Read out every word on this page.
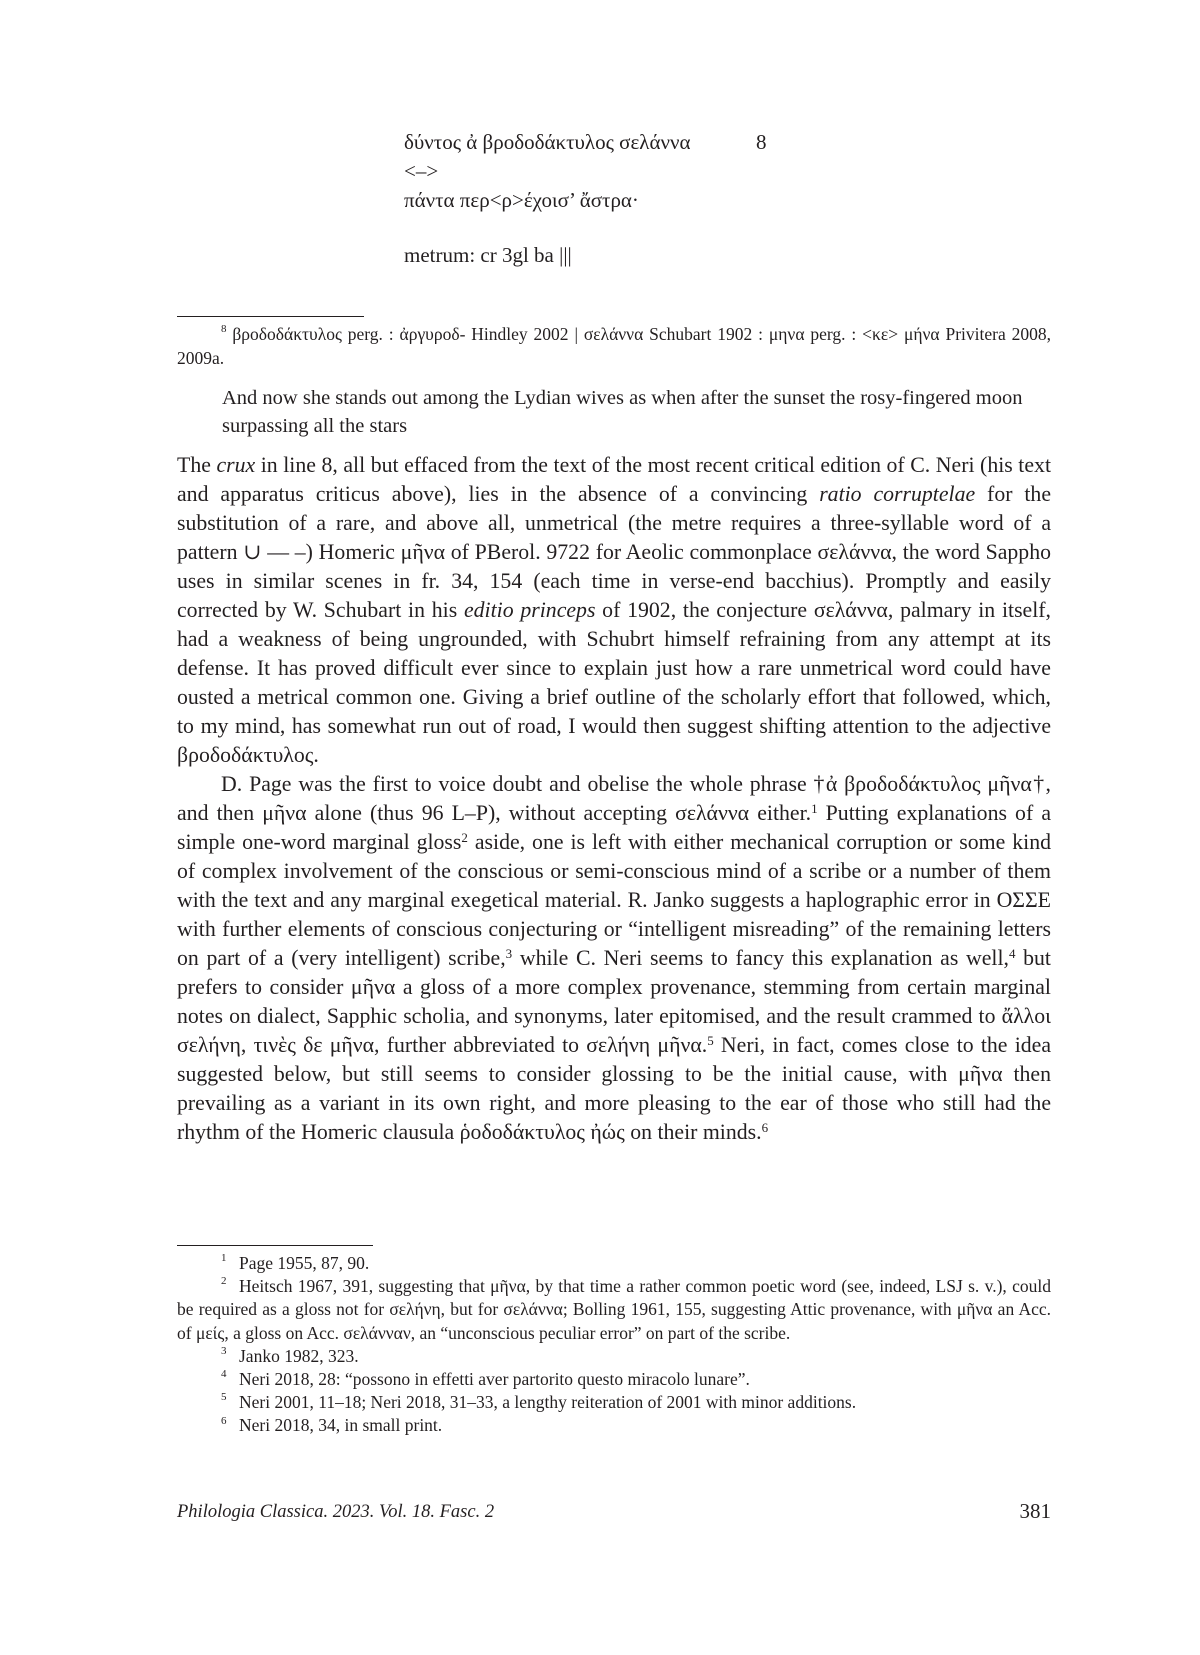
δύντος ἀ βροδοδάκτυλος σελάννα
<–>
πάντα περ<ρ>έχοισ’ ἄστρα·
8
metrum: cr 3gl ba |||
$^8$ βροδοδάκτυλος perg. : ἀργυροδ- Hindley 2002 | σελάννα Schubart 1902 : μηνα perg. : <κε> μήνα Privitera 2008, 2009a.
And now she stands out among the Lydian wives as when after the sunset the rosy-fingered moon surpassing all the stars

The crux in line 8, all but effaced from the text of the most recent critical edition of C. Neri (his text and apparatus criticus above), lies in the absence of a convincing ratio corruptelae for the substitution of a rare, and above all, unmetrical (the metre requires a three-syllable word of a pattern ∪ — –) Homeric μῆνα of PBerol. 9722 for Aeolic commonplace σελάννα, the word Sappho uses in similar scenes in fr. 34, 154 (each time in verse-end bacchius). Promptly and easily corrected by W. Schubart in his editio princeps of 1902, the conjecture σελάννα, palmary in itself, had a weakness of being ungrounded, with Schubrt himself refraining from any attempt at its defense. It has proved difficult ever since to explain just how a rare unmetrical word could have ousted a metrical common one. Giving a brief outline of the scholarly effort that followed, which, to my mind, has somewhat run out of road, I would then suggest shifting attention to the adjective βροδοδάκτυλος.

D. Page was the first to voice doubt and obelise the whole phrase †ἀ βροδοδάκτυλος μῆνα†, and then μῆνα alone (thus 96 L–P), without accepting σελάννα either.$^1$ Putting explanations of a simple one-word marginal gloss$^2$ aside, one is left with either mechanical corruption or some kind of complex involvement of the conscious or semi-conscious mind of a scribe or a number of them with the text and any marginal exegetical material. R. Janko suggests a haplographic error in ΟΣΣΕ with further elements of conscious conjecturing or “intelligent misreading” of the remaining letters on part of a (very intelligent) scribe,$^3$ while C. Neri seems to fancy this explanation as well,$^4$ but prefers to consider μῆνα a gloss of a more complex provenance, stemming from certain marginal notes on dialect, Sapphic scholia, and synonyms, later epitomised, and the result crammed to ἄλλοι σελήνη, τινὲς δε μῆνα, further abbreviated to σελήνη μῆνα.$^5$ Neri, in fact, comes close to the idea suggested below, but still seems to consider glossing to be the initial cause, with μῆνα then prevailing as a variant in its own right, and more pleasing to the ear of those who still had the rhythm of the Homeric clausula ῥοδοδάκτυλος ἠώς on their minds.$^6$

$^1$ Page 1955, 87, 90.

$^2$ Heitsch 1967, 391, suggesting that μῆνα, by that time a rather common poetic word (see, indeed, LSJ s. v.), could be required as a gloss not for σελήνη, but for σελάννα; Bolling 1961, 155, suggesting Attic provenance, with μῆνα an Acc. of μείς, a gloss on Acc. σελάνναν, an “unconscious peculiar error” on part of the scribe.

$^3$ Janko 1982, 323.

$^4$ Neri 2018, 28: “possono in effetti aver partorito questo miracolo lunare”.

$^5$ Neri 2001, 11–18; Neri 2018, 31–33, a lengthy reiteration of 2001 with minor additions.

$^6$ Neri 2018, 34, in small print.

Philologia Classica. 2023. Vol. 18. Fasc. 2	381
